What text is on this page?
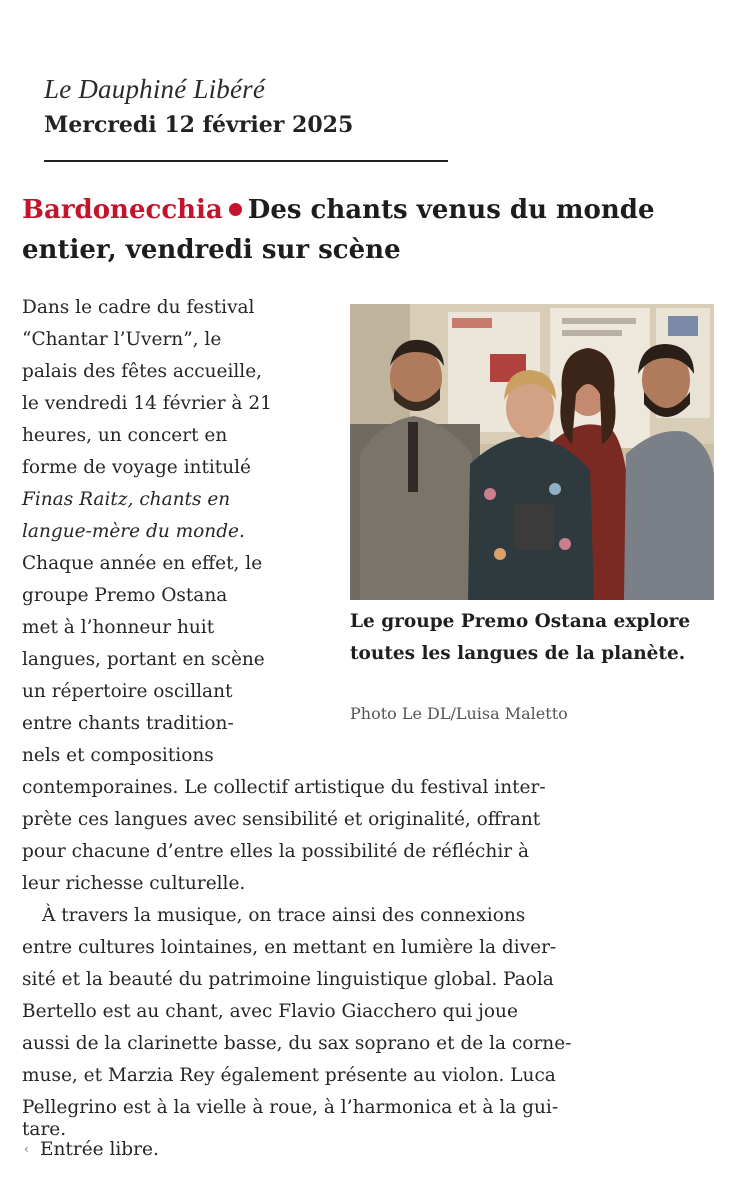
Le Dauphiné Libéré
Mercredi 12 février 2025
Bardonecchia Des chants venus du monde
entier, vendredi sur scène
Dans le cadre du festival
“Chantar l’Uvern”, le
palais des fêtes accueille,
le vendredi 14 février à 21
heures, un concert en
forme de voyage intitulé
Finas Raitz, chants en
langue-mère du monde.
Chaque année en effet, le
groupe Premo Ostana
met à l’honneur huit
langues, portant en scène
un répertoire oscillant
entre chants tradition-
nels et compositions
contemporaines. Le collectif artistique du festival inter-
prète ces langues avec sensibilité et originalité, offrant
pour chacune d’entre elles la possibilité de réfléchir à
leur richesse culturelle.
À travers la musique, on trace ainsi des connexions
entre cultures lointaines, en mettant en lumière la diver-
sité et la beauté du patrimoine linguistique global. Paola
Bertello est au chant, avec Flavio Giacchero qui joue
aussi de la clarinette basse, du sax soprano et de la corne-
muse, et Marzia Rey également présente au violon. Luca
Pellegrino est à la vielle à roue, à l’harmonica et à la gui-
tare.
‹ Entrée libre.
Le groupe Premo Ostana explore toutes les langues de la planète.
Photo Le DL/Luisa Maletto
